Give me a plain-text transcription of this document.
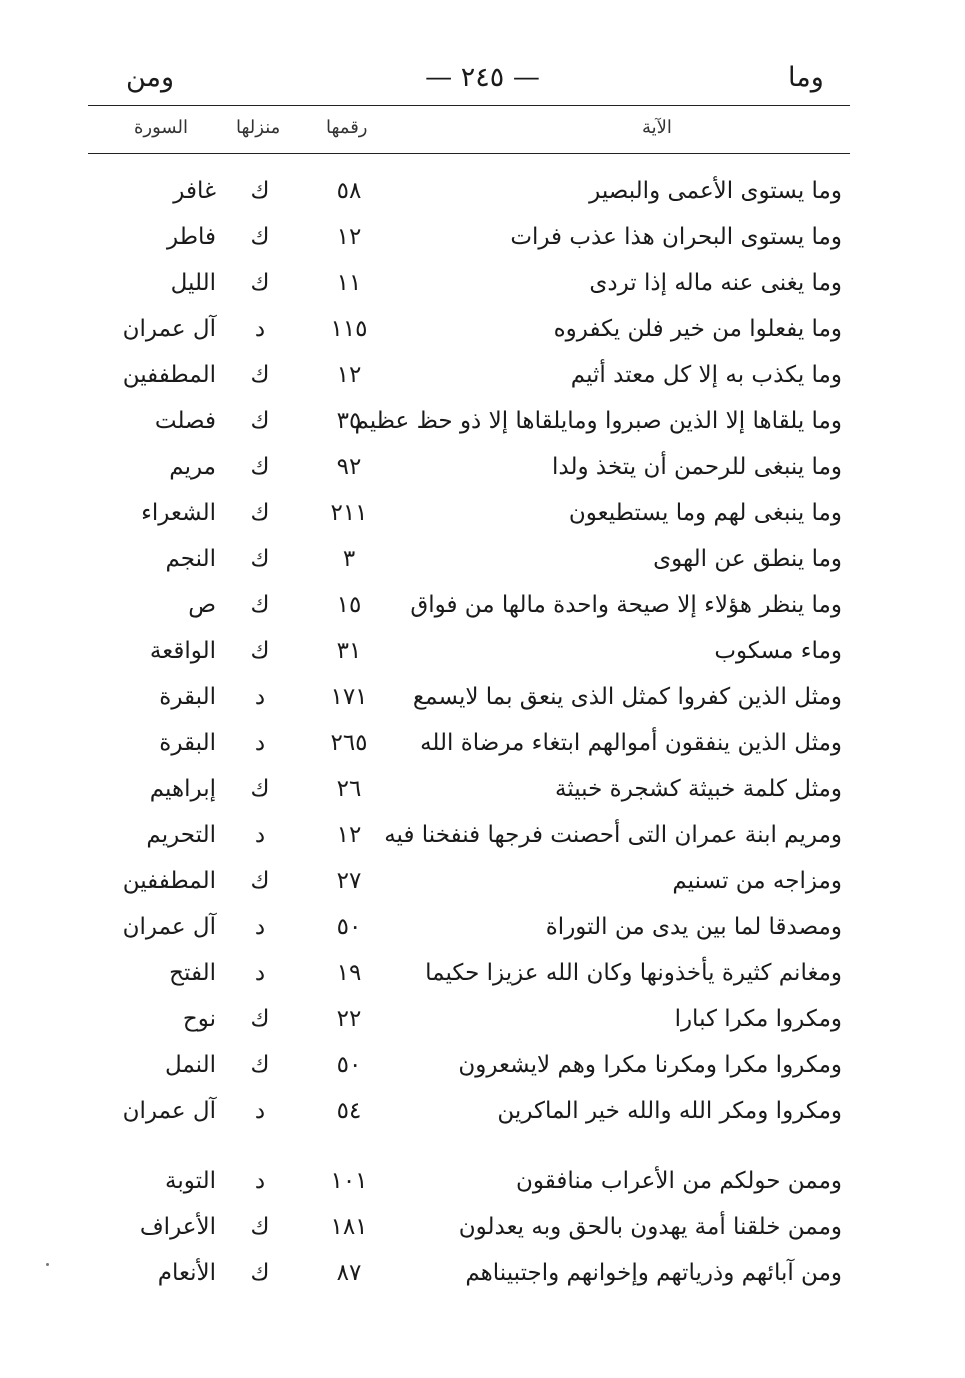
ومن	— ٢٤٥ —	وما
الآية
رقمها
منزلها
السورة
وما يستوى الأعمى والبصير
٥٨
ك
غافر
وما يستوى البحران هذا عذب فرات
١٢
ك
فاطر
وما يغنى عنه ماله إذا تردى
١١
ك
الليل
وما يفعلوا من خير فلن يكفروه
١١٥
د
آل عمران
وما يكذب به إلا كل معتد أثيم
١٢
ك
المطففين
وما يلقاها إلا الذين صبروا ومايلقاها إلا ذو حظ عظيم
٣٥
ك
فصلت
وما ينبغى للرحمن أن يتخذ ولدا
٩٢
ك
مريم
وما ينبغى لهم وما يستطيعون
٢١١
ك
الشعراء
وما ينطق عن الهوى
٣
ك
النجم
وما ينظر هؤلاء إلا صيحة واحدة مالها من فواق
١٥
ك
ص
وماء مسكوب
٣١
ك
الواقعة
ومثل الذين كفروا كمثل الذى ينعق بما لايسمع
١٧١
د
البقرة
ومثل الذين ينفقون أموالهم ابتغاء مرضاة الله
٢٦٥
د
البقرة
ومثل كلمة خبيثة كشجرة خبيثة
٢٦
ك
إبراهيم
ومريم ابنة عمران التى أحصنت فرجها فنفخنا فيه
١٢
د
التحريم
ومزاجه من تسنيم
٢٧
ك
المطففين
ومصدقا لما بين يدى من التوراة
٥٠
د
آل عمران
ومغانم كثيرة يأخذونها وكان الله عزيزا حكيما
١٩
د
الفتح
ومكروا مكرا كبارا
٢٢
ك
نوح
ومكروا مكرا ومكرنا مكرا وهم لايشعرون
٥٠
ك
النمل
ومكروا ومكر الله والله خير الماكرين
٥٤
د
آل عمران
وممن حولكم من الأعراب منافقون
١٠١
د
التوبة
وممن خلقنا أمة يهدون بالحق وبه يعدلون
١٨١
ك
الأعراف
ومن آبائهم وذرياتهم وإخوانهم واجتبيناهم
٨٧
ك
الأنعام
